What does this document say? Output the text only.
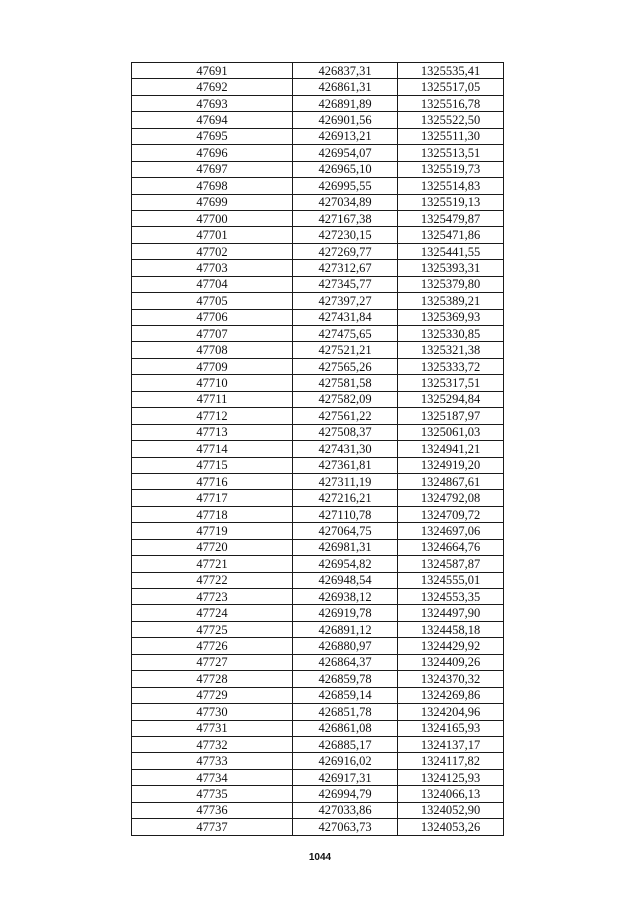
47691	426837,31	1325535,41
47692	426861,31	1325517,05
47693	426891,89	1325516,78
47694	426901,56	1325522,50
47695	426913,21	1325511,30
47696	426954,07	1325513,51
47697	426965,10	1325519,73
47698	426995,55	1325514,83
47699	427034,89	1325519,13
47700	427167,38	1325479,87
47701	427230,15	1325471,86
47702	427269,77	1325441,55
47703	427312,67	1325393,31
47704	427345,77	1325379,80
47705	427397,27	1325389,21
47706	427431,84	1325369,93
47707	427475,65	1325330,85
47708	427521,21	1325321,38
47709	427565,26	1325333,72
47710	427581,58	1325317,51
47711	427582,09	1325294,84
47712	427561,22	1325187,97
47713	427508,37	1325061,03
47714	427431,30	1324941,21
47715	427361,81	1324919,20
47716	427311,19	1324867,61
47717	427216,21	1324792,08
47718	427110,78	1324709,72
47719	427064,75	1324697,06
47720	426981,31	1324664,76
47721	426954,82	1324587,87
47722	426948,54	1324555,01
47723	426938,12	1324553,35
47724	426919,78	1324497,90
47725	426891,12	1324458,18
47726	426880,97	1324429,92
47727	426864,37	1324409,26
47728	426859,78	1324370,32
47729	426859,14	1324269,86
47730	426851,78	1324204,96
47731	426861,08	1324165,93
47732	426885,17	1324137,17
47733	426916,02	1324117,82
47734	426917,31	1324125,93
47735	426994,79	1324066,13
47736	427033,86	1324052,90
47737	427063,73	1324053,26
1044
